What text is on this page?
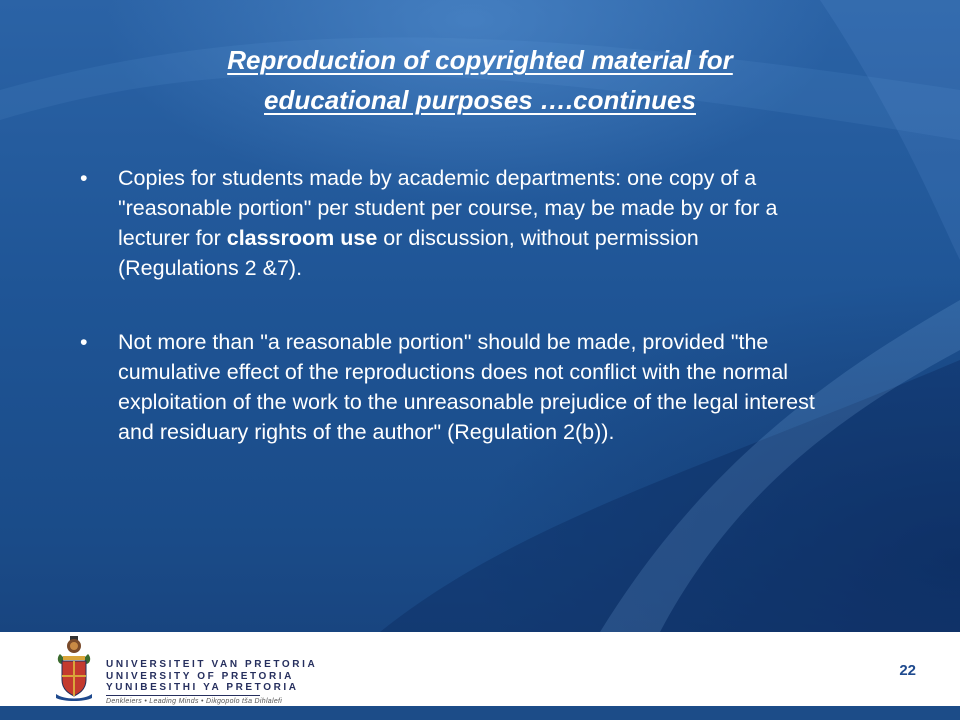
Reproduction of copyrighted material for
educational purposes ….continues
• Copies for students made by academic departments: one copy of a "reasonable portion" per student per course, may be made by or for a lecturer for classroom use or discussion, without permission (Regulations 2 &7).
• Not more than "a reasonable portion" should be made, provided "the cumulative effect of the reproductions does not conflict with the normal exploitation of the work to the unreasonable prejudice of the legal interest and residuary rights of the author" (Regulation 2(b)).
UNIVERSITEIT VAN PRETORIA
UNIVERSITY OF PRETORIA
YUNIBESITHI YA PRETORIA
Denkleiers • Leading Minds • Dikgopolo tša Dihlalefi
22
